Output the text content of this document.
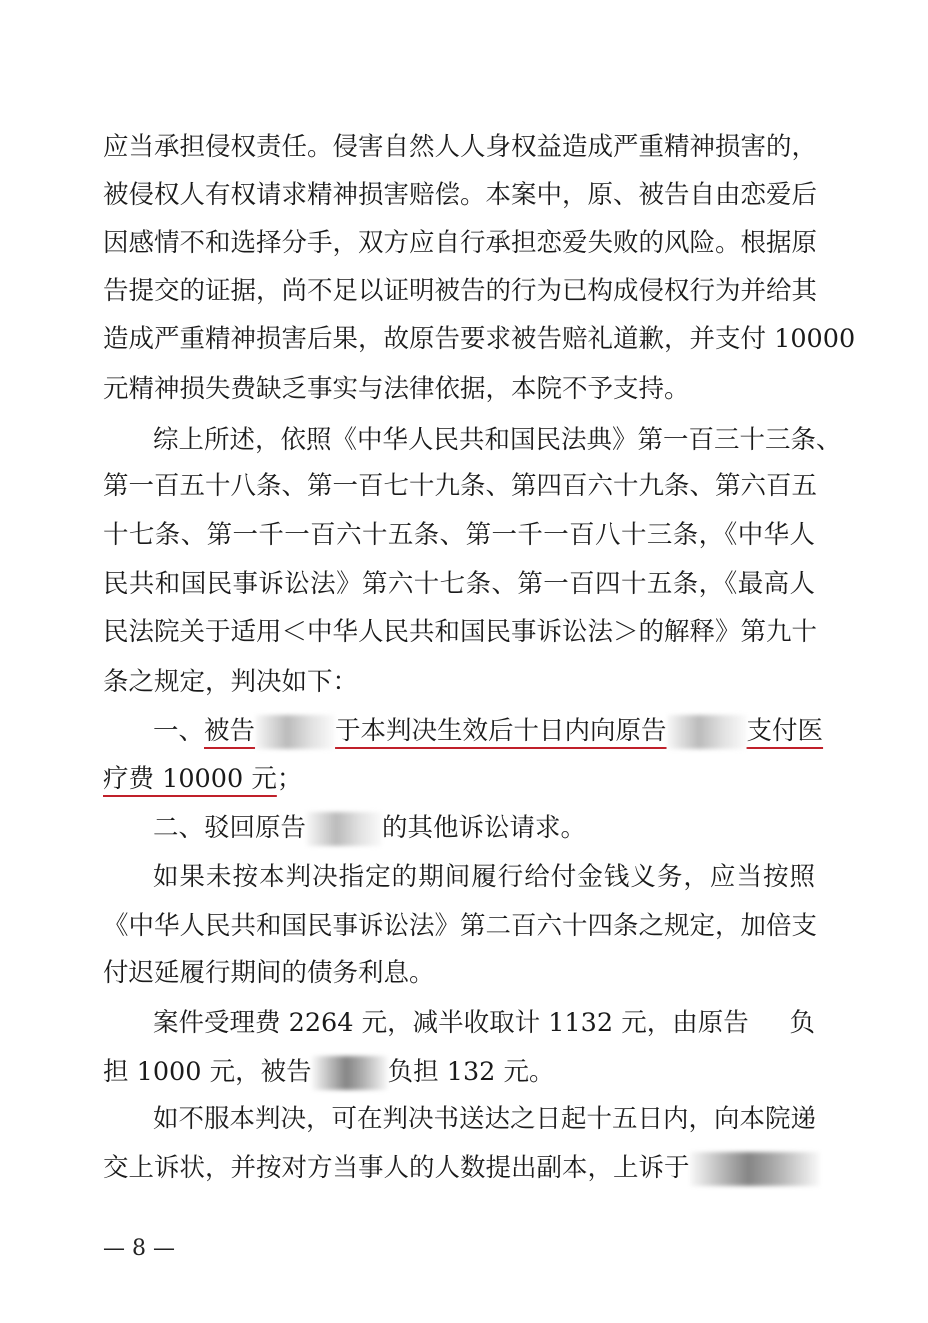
应当承担侵权责任。侵害自然人人身权益造成严重精神损害的，
被侵权人有权请求精神损害赔偿。本案中，原、被告自由恋爱后
因感情不和选择分手，双方应自行承担恋爱失败的风险。根据原
告提交的证据，尚不足以证明被告的行为已构成侵权行为并给其
造成严重精神损害后果，故原告要求被告赔礼道歉，并支付 10000
元精神损失费缺乏事实与法律依据，本院不予支持。
综上所述，依照《中华人民共和国民法典》第一百三十三条、
第一百五十八条、第一百七十九条、第四百六十九条、第六百五
十七条、第一千一百六十五条、第一千一百八十三条，《中华人
民共和国民事诉讼法》第六十七条、第一百四十五条，《最高人
民法院关于适用＜中华人民共和国民事诉讼法＞的解释》第九十
条之规定，判决如下：
一、被告	于本判决生效后十日内向原告	支付医
疗费 10000 元；
二、驳回原告	的其他诉讼请求。
如果未按本判决指定的期间履行给付金钱义务，应当按照
《中华人民共和国民事诉讼法》第二百六十四条之规定，加倍支
付迟延履行期间的债务利息。
案件受理费 2264 元，减半收取计 1132 元，由原告 负
担 1000 元，被告	负担 132 元。
如不服本判决，可在判决书送达之日起十五日内，向本院递
交上诉状，并按对方当事人的人数提出副本，上诉于
— 8 —
